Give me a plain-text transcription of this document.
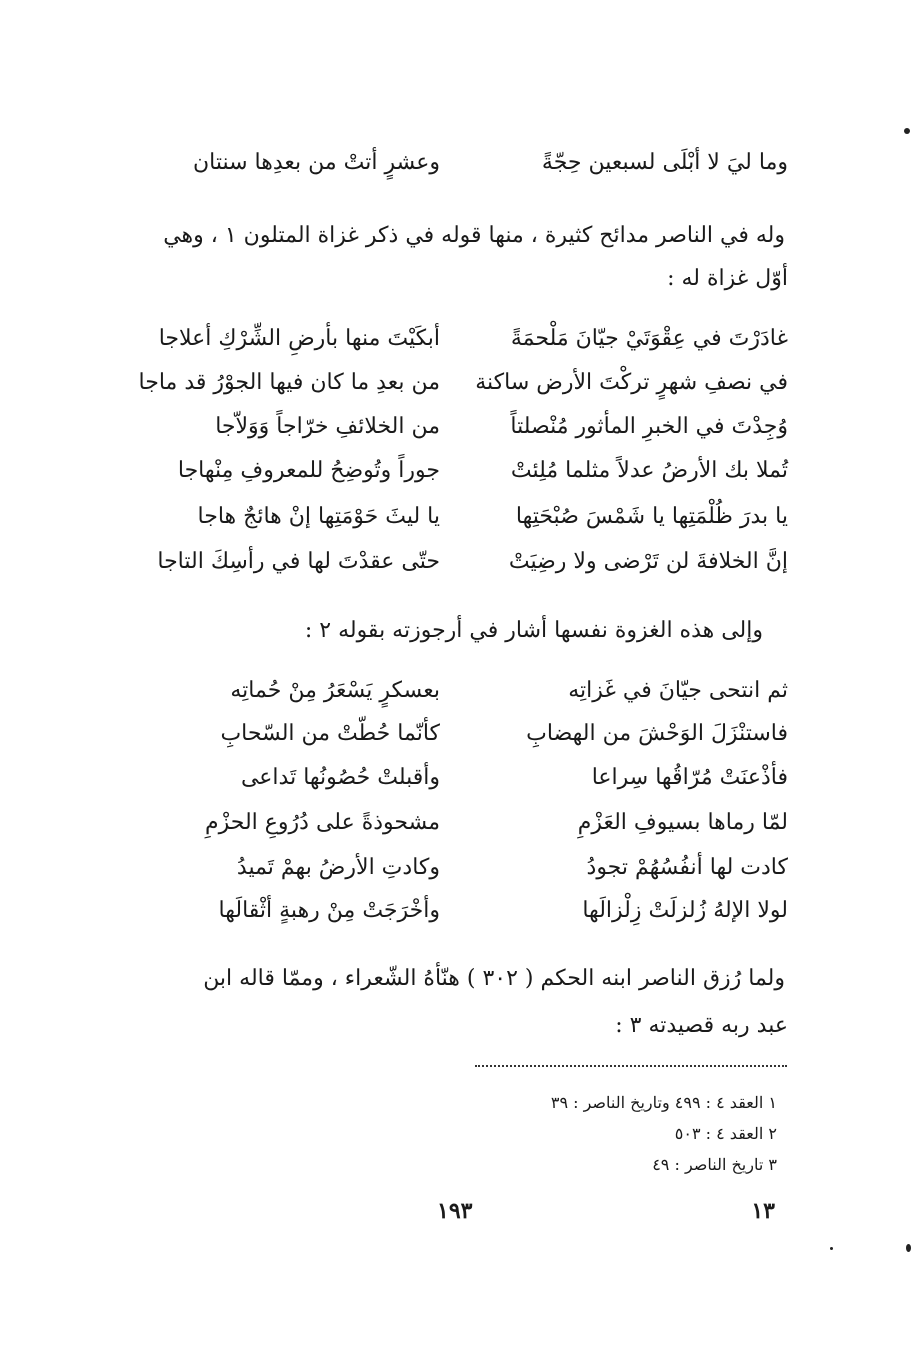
وما ليَ لا أبْلَى لسبعين حِجّةً
وعشرٍ أتتْ من بعدِها سنتان
وله في الناصر مدائح كثيرة ، منها قوله في ذكر غزاة المتلون ١ ، وهي
أوّل غزاة له :
غادَرْتَ في عِقْوَتَيْ جيّانَ مَلْحمَةً
أبكَيْتَ منها بأرضِ الشِّرْكِ أعلاجا
في نصفِ شهرٍ تركْتَ الأرض ساكنة
من بعدِ ما كان فيها الجوْرُ قد ماجا
وُجِدْتَ في الخبرِ المأثور مُنْصلتاً
من الخلائفِ خرّاجاً وَوَلاّجا
تُملا بك الأرضُ عدلاً مثلما مُلِئتْ
جوراً وتُوضِحُ للمعروفِ مِنْهاجا
يا بدرَ ظُلْمَتِها يا شَمْسَ صُبْحَتِها
يا ليثَ حَوْمَتِها إنْ هائجٌ هاجا
إنَّ الخلافةَ لن تَرْضى ولا رضِيَتْ
حتّى عقدْتَ لها في رأسِكَ التاجا
وإلى هذه الغزوة نفسها أشار في أرجوزته بقوله ٢ :
ثم انتحى جيّانَ في غَزاتِه
بعسكرٍ يَسْعَرُ مِنْ حُماتِه
فاستنْزَلَ الوَحْشَ من الهضابِ
كأنّما حُطّتْ من السّحابِ
فأذْعنَتْ مُرّاقُها سِراعا
وأقبلتْ حُصُونُها تَداعى
لمّا رماها بسيوفِ العَزْمِ
مشحوذةً على دُرُوعِ الحزْمِ
كادت لها أنفُسُهُمْ تجودُ
وكادتِ الأرضُ بهمْ تَميدُ
لولا الإلهُ زُلزلَتْ زِلْزالَها
وأخْرَجَتْ مِنْ رهبةٍ أثْقالَها
ولما رُزق الناصر ابنه الحكم ( ٣٠٢ ) هنّأهُ الشّعراء ، وممّا قاله ابن
عبد ربه قصيدته ٣ :
١ العقد ٤ : ٤٩٩ وتاريخ الناصر : ٣٩
٢ العقد ٤ : ٥٠٣
٣ تاريخ الناصر : ٤٩
١٩٣	١٣
